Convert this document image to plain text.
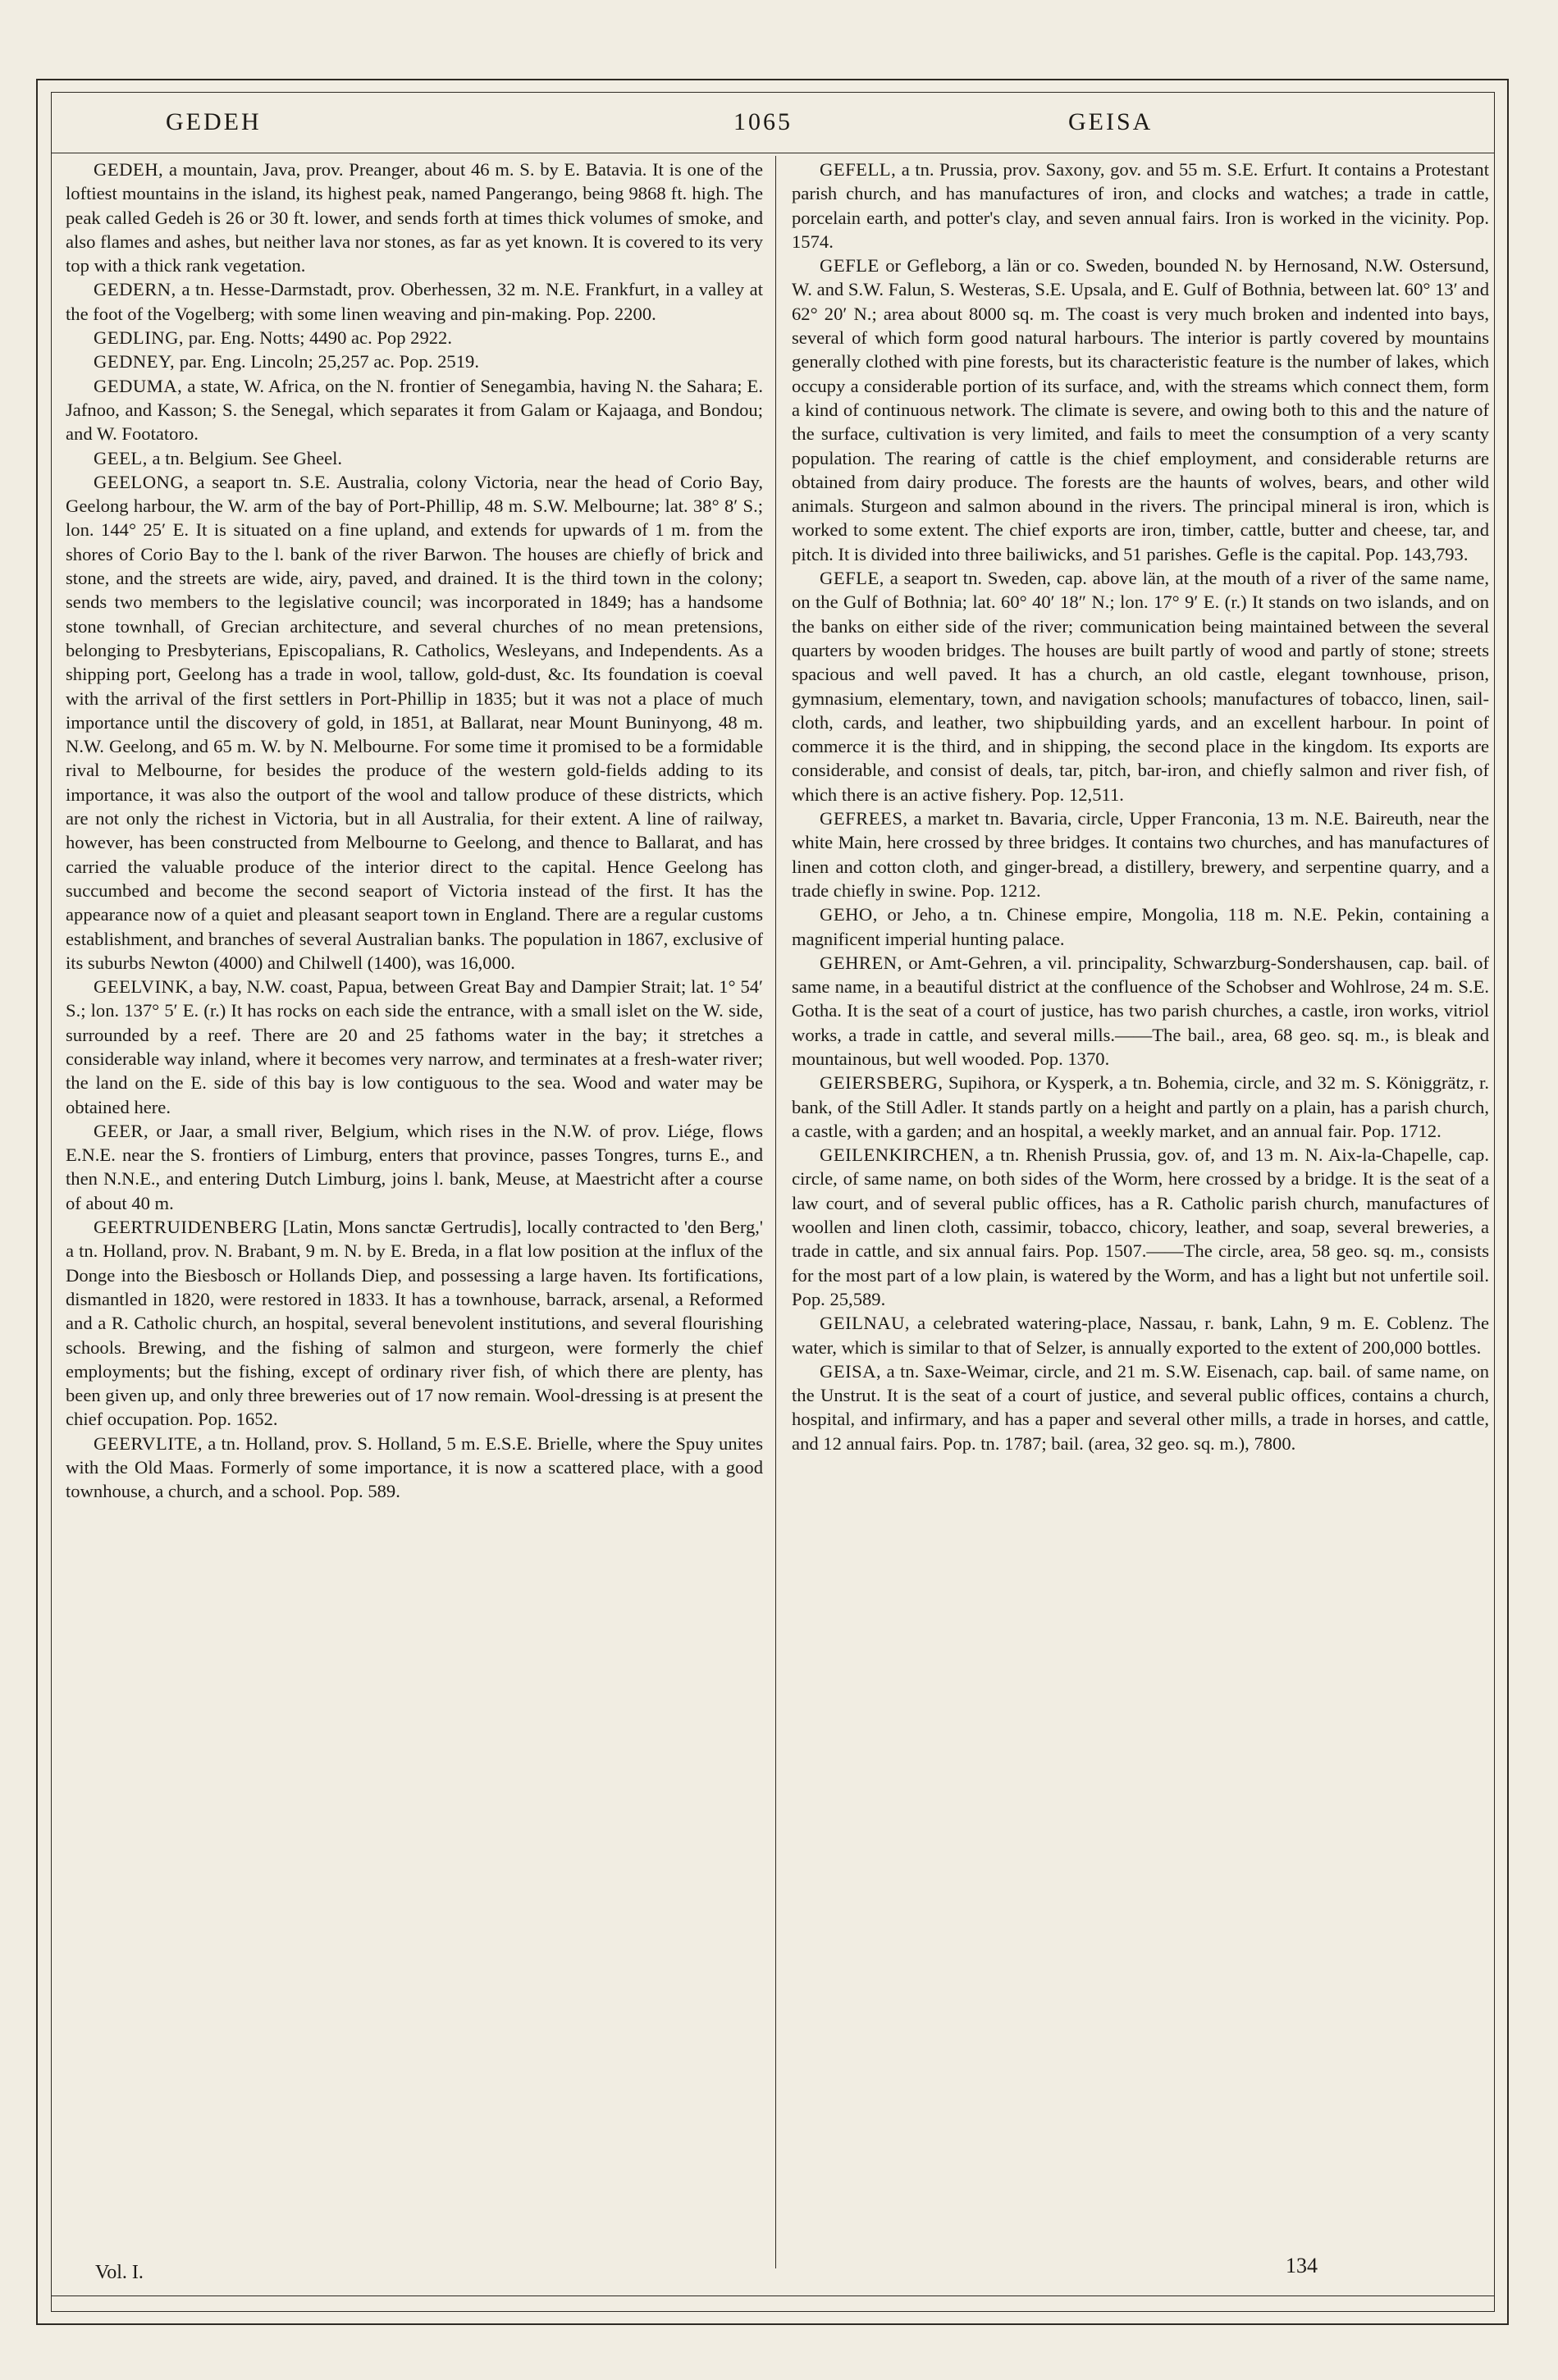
GEDEH	1065	GEISA

GEDEH, a mountain, Java, prov. Preanger, about 46 m. S. by E. Batavia. It is one of the loftiest mountains in the island, its highest peak, named Pangerango, being 9868 ft. high. The peak called Gedeh is 26 or 30 ft. lower, and sends forth at times thick volumes of smoke, and also flames and ashes, but neither lava nor stones, as far as yet known. It is covered to its very top with a thick rank vegetation.

GEDERN, a tn. Hesse-Darmstadt, prov. Oberhessen, 32 m. N.E. Frankfurt, in a valley at the foot of the Vogelberg; with some linen weaving and pin-making. Pop. 2200.

GEDLING, par. Eng. Notts; 4490 ac. Pop 2922.

GEDNEY, par. Eng. Lincoln; 25,257 ac. Pop. 2519.

GEDUMA, a state, W. Africa, on the N. frontier of Senegambia, having N. the Sahara; E. Jafnoo, and Kasson; S. the Senegal, which separates it from Galam or Kajaaga, and Bondou; and W. Footatoro.

GEEL, a tn. Belgium. See Gheel.

GEELONG, a seaport tn. S.E. Australia, colony Victoria, near the head of Corio Bay, Geelong harbour, the W. arm of the bay of Port-Phillip, 48 m. S.W. Melbourne; lat. 38° 8′ S.; lon. 144° 25′ E. It is situated on a fine upland, and extends for upwards of 1 m. from the shores of Corio Bay to the l. bank of the river Barwon. The houses are chiefly of brick and stone, and the streets are wide, airy, paved, and drained. It is the third town in the colony; sends two members to the legislative council; was incorporated in 1849; has a handsome stone townhall, of Grecian architecture, and several churches of no mean pretensions, belonging to Presbyterians, Episcopalians, R. Catholics, Wesleyans, and Independents. As a shipping port, Geelong has a trade in wool, tallow, gold-dust, &c. Its foundation is coeval with the arrival of the first settlers in Port-Phillip in 1835; but it was not a place of much importance until the discovery of gold, in 1851, at Ballarat, near Mount Buninyong, 48 m. N.W. Geelong, and 65 m. W. by N. Melbourne. For some time it promised to be a formidable rival to Melbourne, for besides the produce of the western gold-fields adding to its importance, it was also the outport of the wool and tallow produce of these districts, which are not only the richest in Victoria, but in all Australia, for their extent. A line of railway, however, has been constructed from Melbourne to Geelong, and thence to Ballarat, and has carried the valuable produce of the interior direct to the capital. Hence Geelong has succumbed and become the second seaport of Victoria instead of the first. It has the appearance now of a quiet and pleasant seaport town in England. There are a regular customs establishment, and branches of several Australian banks. The population in 1867, exclusive of its suburbs Newton (4000) and Chilwell (1400), was 16,000.

GEELVINK, a bay, N.W. coast, Papua, between Great Bay and Dampier Strait; lat. 1° 54′ S.; lon. 137° 5′ E. (r.) It has rocks on each side the entrance, with a small islet on the W. side, surrounded by a reef. There are 20 and 25 fathoms water in the bay; it stretches a considerable way inland, where it becomes very narrow, and terminates at a fresh-water river; the land on the E. side of this bay is low contiguous to the sea. Wood and water may be obtained here.

GEER, or Jaar, a small river, Belgium, which rises in the N.W. of prov. Liége, flows E.N.E. near the S. frontiers of Limburg, enters that province, passes Tongres, turns E., and then N.N.E., and entering Dutch Limburg, joins l. bank, Meuse, at Maestricht after a course of about 40 m.

GEERTRUIDENBERG [Latin, Mons sanctæ Gertrudis], locally contracted to 'den Berg,' a tn. Holland, prov. N. Brabant, 9 m. N. by E. Breda, in a flat low position at the influx of the Donge into the Biesbosch or Hollands Diep, and possessing a large haven. Its fortifications, dismantled in 1820, were restored in 1833. It has a townhouse, barrack, arsenal, a Reformed and a R. Catholic church, an hospital, several benevolent institutions, and several flourishing schools. Brewing, and the fishing of salmon and sturgeon, were formerly the chief employments; but the fishing, except of ordinary river fish, of which there are plenty, has been given up, and only three breweries out of 17 now remain. Wool-dressing is at present the chief occupation. Pop. 1652.

GEERVLITE, a tn. Holland, prov. S. Holland, 5 m. E.S.E. Brielle, where the Spuy unites with the Old Maas. Formerly of some importance, it is now a scattered place, with a good townhouse, a church, and a school. Pop. 589.

GEFELL, a tn. Prussia, prov. Saxony, gov. and 55 m. S.E. Erfurt. It contains a Protestant parish church, and has manufactures of iron, and clocks and watches; a trade in cattle, porcelain earth, and potter's clay, and seven annual fairs. Iron is worked in the vicinity. Pop. 1574.

GEFLE or Gefleborg, a län or co. Sweden, bounded N. by Hernosand, N.W. Ostersund, W. and S.W. Falun, S. Westeras, S.E. Upsala, and E. Gulf of Bothnia, between lat. 60° 13′ and 62° 20′ N.; area about 8000 sq. m. The coast is very much broken and indented into bays, several of which form good natural harbours. The interior is partly covered by mountains generally clothed with pine forests, but its characteristic feature is the number of lakes, which occupy a considerable portion of its surface, and, with the streams which connect them, form a kind of continuous network. The climate is severe, and owing both to this and the nature of the surface, cultivation is very limited, and fails to meet the consumption of a very scanty population. The rearing of cattle is the chief employment, and considerable returns are obtained from dairy produce. The forests are the haunts of wolves, bears, and other wild animals. Sturgeon and salmon abound in the rivers. The principal mineral is iron, which is worked to some extent. The chief exports are iron, timber, cattle, butter and cheese, tar, and pitch. It is divided into three bailiwicks, and 51 parishes. Gefle is the capital. Pop. 143,793.

GEFLE, a seaport tn. Sweden, cap. above län, at the mouth of a river of the same name, on the Gulf of Bothnia; lat. 60° 40′ 18″ N.; lon. 17° 9′ E. (r.) It stands on two islands, and on the banks on either side of the river; communication being maintained between the several quarters by wooden bridges. The houses are built partly of wood and partly of stone; streets spacious and well paved. It has a church, an old castle, elegant townhouse, prison, gymnasium, elementary, town, and navigation schools; manufactures of tobacco, linen, sail-cloth, cards, and leather, two shipbuilding yards, and an excellent harbour. In point of commerce it is the third, and in shipping, the second place in the kingdom. Its exports are considerable, and consist of deals, tar, pitch, bar-iron, and chiefly salmon and river fish, of which there is an active fishery. Pop. 12,511.

GEFREES, a market tn. Bavaria, circle, Upper Franconia, 13 m. N.E. Baireuth, near the white Main, here crossed by three bridges. It contains two churches, and has manufactures of linen and cotton cloth, and ginger-bread, a distillery, brewery, and serpentine quarry, and a trade chiefly in swine. Pop. 1212.

GEHO, or Jeho, a tn. Chinese empire, Mongolia, 118 m. N.E. Pekin, containing a magnificent imperial hunting palace.

GEHREN, or Amt-Gehren, a vil. principality, Schwarzburg-Sondershausen, cap. bail. of same name, in a beautiful district at the confluence of the Schobser and Wohlrose, 24 m. S.E. Gotha. It is the seat of a court of justice, has two parish churches, a castle, iron works, vitriol works, a trade in cattle, and several mills.——The bail., area, 68 geo. sq. m., is bleak and mountainous, but well wooded. Pop. 1370.

GEIERSBERG, Supihora, or Kysperk, a tn. Bohemia, circle, and 32 m. S. Königgrätz, r. bank, of the Still Adler. It stands partly on a height and partly on a plain, has a parish church, a castle, with a garden; and an hospital, a weekly market, and an annual fair. Pop. 1712.

GEILENKIRCHEN, a tn. Rhenish Prussia, gov. of, and 13 m. N. Aix-la-Chapelle, cap. circle, of same name, on both sides of the Worm, here crossed by a bridge. It is the seat of a law court, and of several public offices, has a R. Catholic parish church, manufactures of woollen and linen cloth, cassimir, tobacco, chicory, leather, and soap, several breweries, a trade in cattle, and six annual fairs. Pop. 1507.——The circle, area, 58 geo. sq. m., consists for the most part of a low plain, is watered by the Worm, and has a light but not unfertile soil. Pop. 25,589.

GEILNAU, a celebrated watering-place, Nassau, r. bank, Lahn, 9 m. E. Coblenz. The water, which is similar to that of Selzer, is annually exported to the extent of 200,000 bottles.

GEISA, a tn. Saxe-Weimar, circle, and 21 m. S.W. Eisenach, cap. bail. of same name, on the Unstrut. It is the seat of a court of justice, and several public offices, contains a church, hospital, and infirmary, and has a paper and several other mills, a trade in horses, and cattle, and 12 annual fairs. Pop. tn. 1787; bail. (area, 32 geo. sq. m.), 7800.

Vol. I.	134
